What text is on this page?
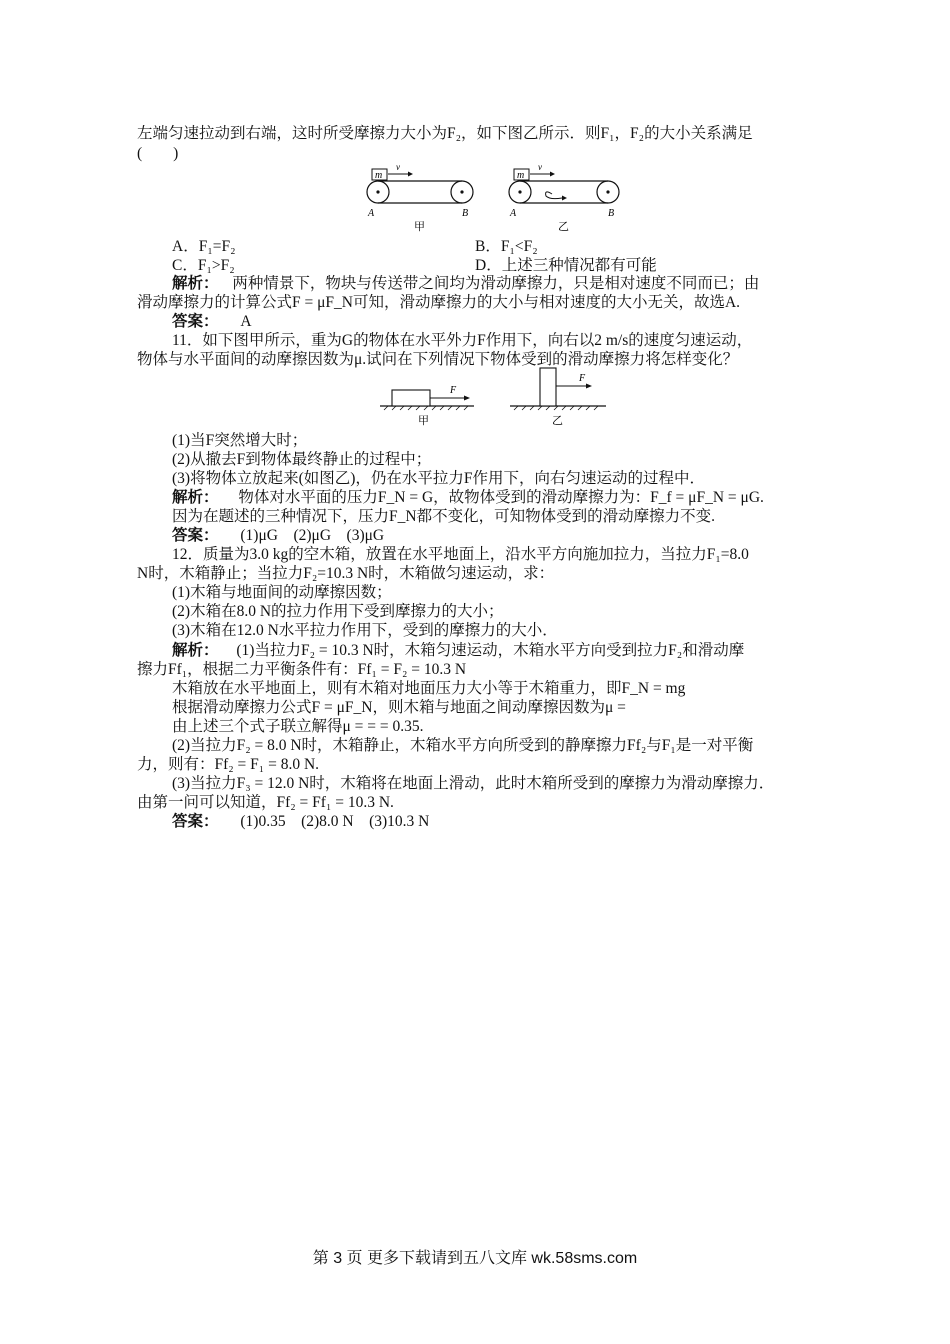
左端匀速拉动到右端，这时所受摩擦力大小为F₂，如下图乙所示．则F₁，F₂的大小关系满足
(　　)
m
v
A	B
甲
m
v
A	B
乙
A．F₁=F₂	B．F₁<F₂
C．F₁>F₂	D．上述三种情况都有可能
解析： 两种情景下，物块与传送带之间均为滑动摩擦力，只是相对速度不同而已；由
滑动摩擦力的计算公式F = μF_N可知，滑动摩擦力的大小与相对速度的大小无关，故选A.
答案： A
11．如下图甲所示，重为G的物体在水平外力F作用下，向右以2 m/s的速度匀速运动，
物体与水平面间的动摩擦因数为μ.试问在下列情况下物体受到的滑动摩擦力将怎样变化？
F
甲
F
乙
(1)当F突然增大时；
(2)从撤去F到物体最终静止的过程中；
(3)将物体立放起来(如图乙)，仍在水平拉力F作用下，向右匀速运动的过程中．
解析： 物体对水平面的压力F_N = G，故物体受到的滑动摩擦力为：F_f = μF_N = μG.
因为在题述的三种情况下，压力F_N都不变化，可知物体受到的滑动摩擦力不变.
答案： (1)μG　(2)μG　(3)μG
12．质量为3.0 kg的空木箱，放置在水平地面上，沿水平方向施加拉力，当拉力F₁=8.0
N时，木箱静止；当拉力F₂=10.3 N时，木箱做匀速运动，求：
(1)木箱与地面间的动摩擦因数；
(2)木箱在8.0 N的拉力作用下受到摩擦力的大小；
(3)木箱在12.0 N水平拉力作用下，受到的摩擦力的大小．
解析： (1)当拉力F₂ = 10.3 N时，木箱匀速运动，木箱水平方向受到拉力F₂和滑动摩
擦力Ff₁，根据二力平衡条件有：Ff₁ = F₂ = 10.3 N
木箱放在水平地面上，则有木箱对地面压力大小等于木箱重力，即F_N = mg
根据滑动摩擦力公式F = μF_N，则木箱与地面之间动摩擦因数为μ =
由上述三个式子联立解得μ = = = 0.35.
(2)当拉力F₂ = 8.0 N时，木箱静止，木箱水平方向所受到的静摩擦力Ff₂与F₁是一对平衡
力，则有：Ff₂ = F₁ = 8.0 N.
(3)当拉力F₃ = 12.0 N时，木箱将在地面上滑动，此时木箱所受到的摩擦力为滑动摩擦力．
由第一问可以知道，Ff₂ = Ff₁ = 10.3 N.
答案： (1)0.35　(2)8.0 N　(3)10.3 N
第 3 页 更多下载请到五八文库 wk.58sms.com
